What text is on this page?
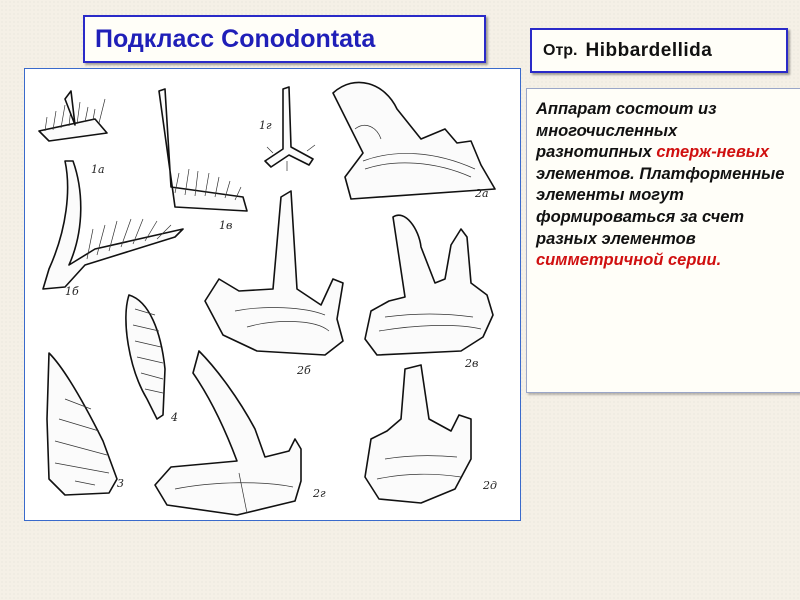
Подкласс Conodontata	Отр. Hibbardellida
1а
1б
1в
1г
2а
2б
2в
2г
2д
3
4

Аппарат состоит из многочисленных разнотипных стерж-невых элементов. Платформенные элементы могут формироваться за счет разных элементов симметричной серии.
